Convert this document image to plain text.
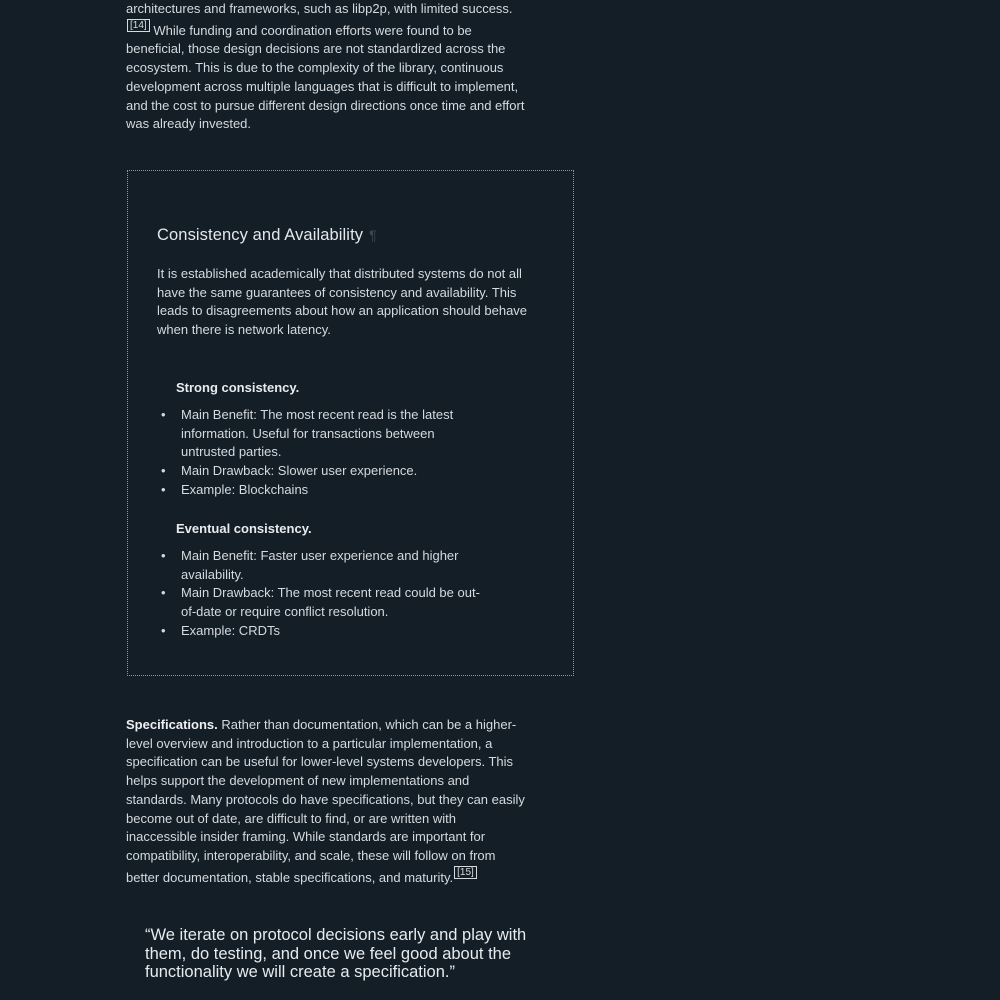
architectures and frameworks, such as libp2p, with limited success.[14] While funding and coordination efforts were found to be beneficial, those design decisions are not standardized across the ecosystem. This is due to the complexity of the library, continuous development across multiple languages that is difficult to implement, and the cost to pursue different design directions once time and effort was already invested.

Consistency and Availability ¶

It is established academically that distributed systems do not all have the same guarantees of consistency and availability. This leads to disagreements about how an application should behave when there is network latency.

Strong consistency.

• Main Benefit: The most recent read is the latest information. Useful for transactions between untrusted parties.
• Main Drawback: Slower user experience.
• Example: Blockchains

Eventual consistency.

• Main Benefit: Faster user experience and higher availability.
• Main Drawback: The most recent read could be out-of-date or require conflict resolution.
• Example: CRDTs

Specifications. Rather than documentation, which can be a higher-level overview and introduction to a particular implementation, a specification can be useful for lower-level systems developers. This helps support the development of new implementations and standards. Many protocols do have specifications, but they can easily become out of date, are difficult to find, or are written with inaccessible insider framing. While standards are important for compatibility, interoperability, and scale, these will follow on from better documentation, stable specifications, and maturity. [15]

“We iterate on protocol decisions early and play with them, do testing, and once we feel good about the functionality we will create a specification.”
